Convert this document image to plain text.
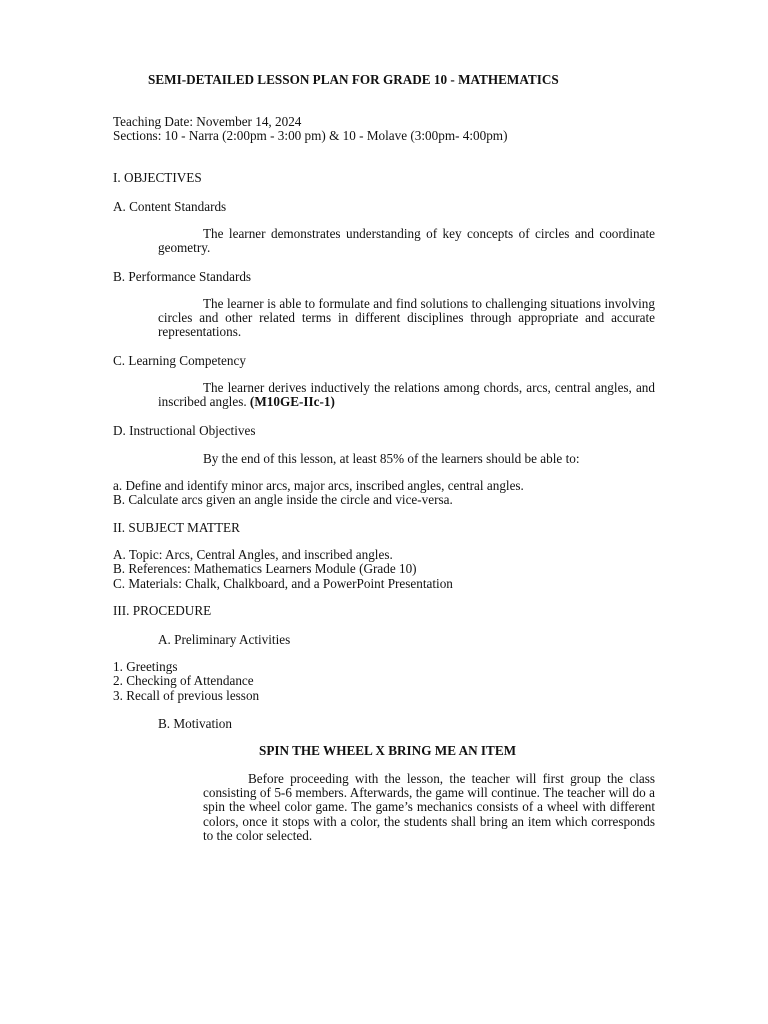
SEMI-DETAILED LESSON PLAN FOR GRADE 10 - MATHEMATICS
Teaching Date: November 14, 2024
Sections: 10 - Narra (2:00pm - 3:00 pm) & 10 - Molave (3:00pm- 4:00pm)
I. OBJECTIVES
A. Content Standards
The learner demonstrates understanding of key concepts of circles and coordinate geometry.
B. Performance Standards
The learner is able to formulate and find solutions to challenging situations involving circles and other related terms in different disciplines through appropriate and accurate representations.
C. Learning Competency
The learner derives inductively the relations among chords, arcs, central angles, and inscribed angles. (M10GE-IIc-1)
D. Instructional Objectives
By the end of this lesson, at least 85% of the learners should be able to:
a. Define and identify minor arcs, major arcs, inscribed angles, central angles.
B. Calculate arcs given an angle inside the circle and vice-versa.
II. SUBJECT MATTER
A. Topic: Arcs, Central Angles, and inscribed angles.
B. References: Mathematics Learners Module (Grade 10)
C. Materials: Chalk, Chalkboard, and a PowerPoint Presentation
III. PROCEDURE
A. Preliminary Activities
1. Greetings
2. Checking of Attendance
3. Recall of previous lesson
B. Motivation
SPIN THE WHEEL X BRING ME AN ITEM
Before proceeding with the lesson, the teacher will first group the class consisting of 5-6 members. Afterwards, the game will continue. The teacher will do a spin the wheel color game. The game’s mechanics consists of a wheel with different colors, once it stops with a color, the students shall bring an item which corresponds to the color selected.
